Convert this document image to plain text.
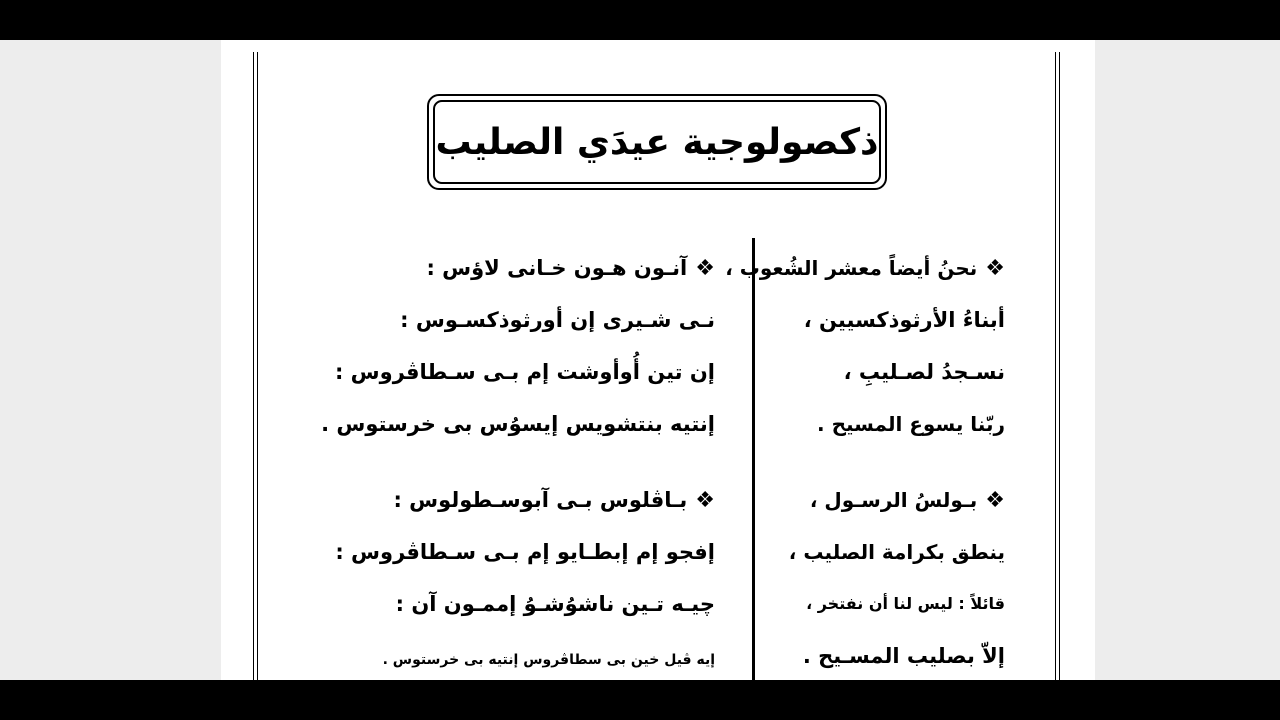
ذكصولوجية عيدَي الصليب
❖نحنُ أيضاً معشر الشُعوب ،
أبناءُ الأرثوذكسيين ،
نسـجدُ لصـليبِ ،
ربّنا يسوع المسيح .
❖بـولسُ الرسـول ،
ينطق بكرامة الصليب ،
قائلاً : ليس لنا أن نفتخر ،
إلاّ بصليب المسـيح .
❖آنـون هـون خـانى لاؤس :
نـى شـيرى إن أورثوذكسـوس :
إن تين أُوأوشت إم بـى سـطاڤروس :
إنتيه بنتشويس إيسوُس بى خرستوس .
❖بـاڤلوس بـى آبوسـطولوس :
إفجو إم إبطـايو إم بـى سـطاڤروس :
چيـه تـين ناشوُشـوُ إممـون آن :
إيه ڤيل خين بى سطاڤروس إنتيه بى خرستوس .
